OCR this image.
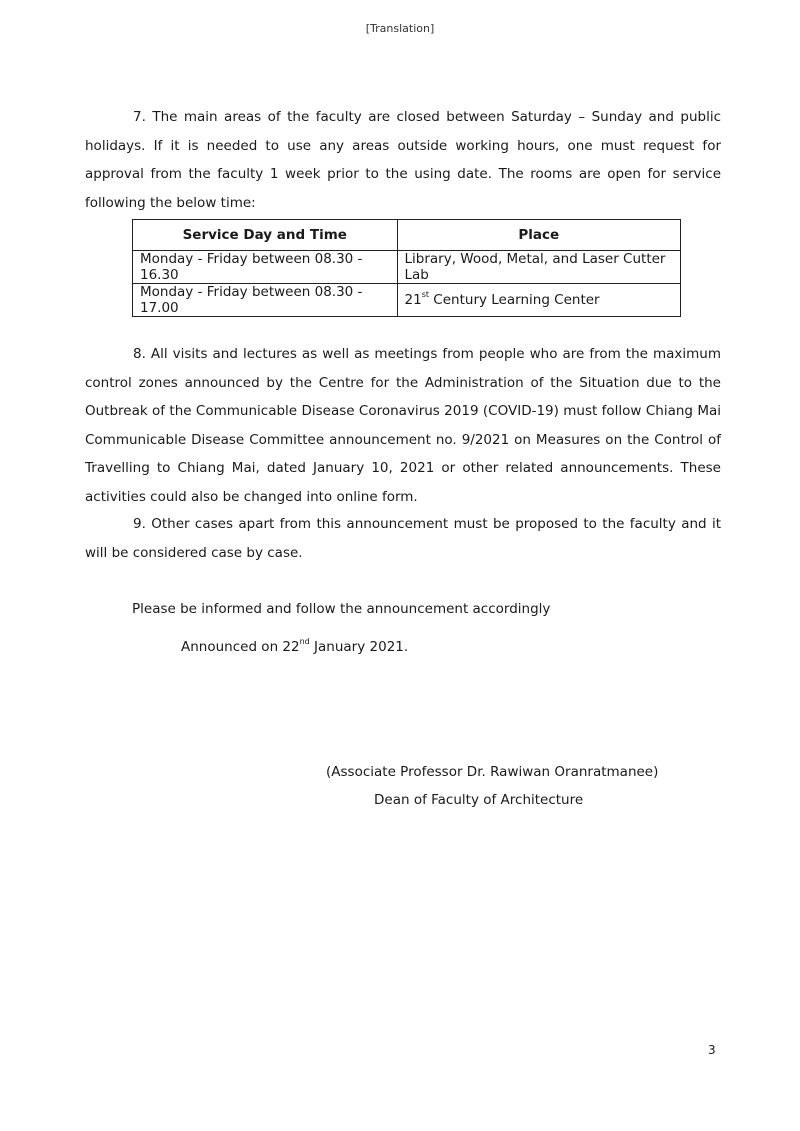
[Translation]

7. The main areas of the faculty are closed between Saturday – Sunday and public holidays. If it is needed to use any areas outside working hours, one must request for approval from the faculty 1 week prior to the using date. The rooms are open for service following the below time:

Service Day and Time	Place
Monday - Friday between 08.30 - 16.30	Library, Wood, Metal, and Laser Cutter Lab
Monday - Friday between 08.30 - 17.00	21st Century Learning Center

8. All visits and lectures as well as meetings from people who are from the maximum control zones announced by the Centre for the Administration of the Situation due to the Outbreak of the Communicable Disease Coronavirus 2019 (COVID-19) must follow Chiang Mai Communicable Disease Committee announcement no. 9/2021 on Measures on the Control of Travelling to Chiang Mai, dated January 10, 2021 or other related announcements. These activities could also be changed into online form.

9. Other cases apart from this announcement must be proposed to the faculty and it will be considered case by case.

Please be informed and follow the announcement accordingly
Announced on 22nd January 2021.
(Associate Professor Dr. Rawiwan Oranratmanee)
Dean of Faculty of Architecture
3
